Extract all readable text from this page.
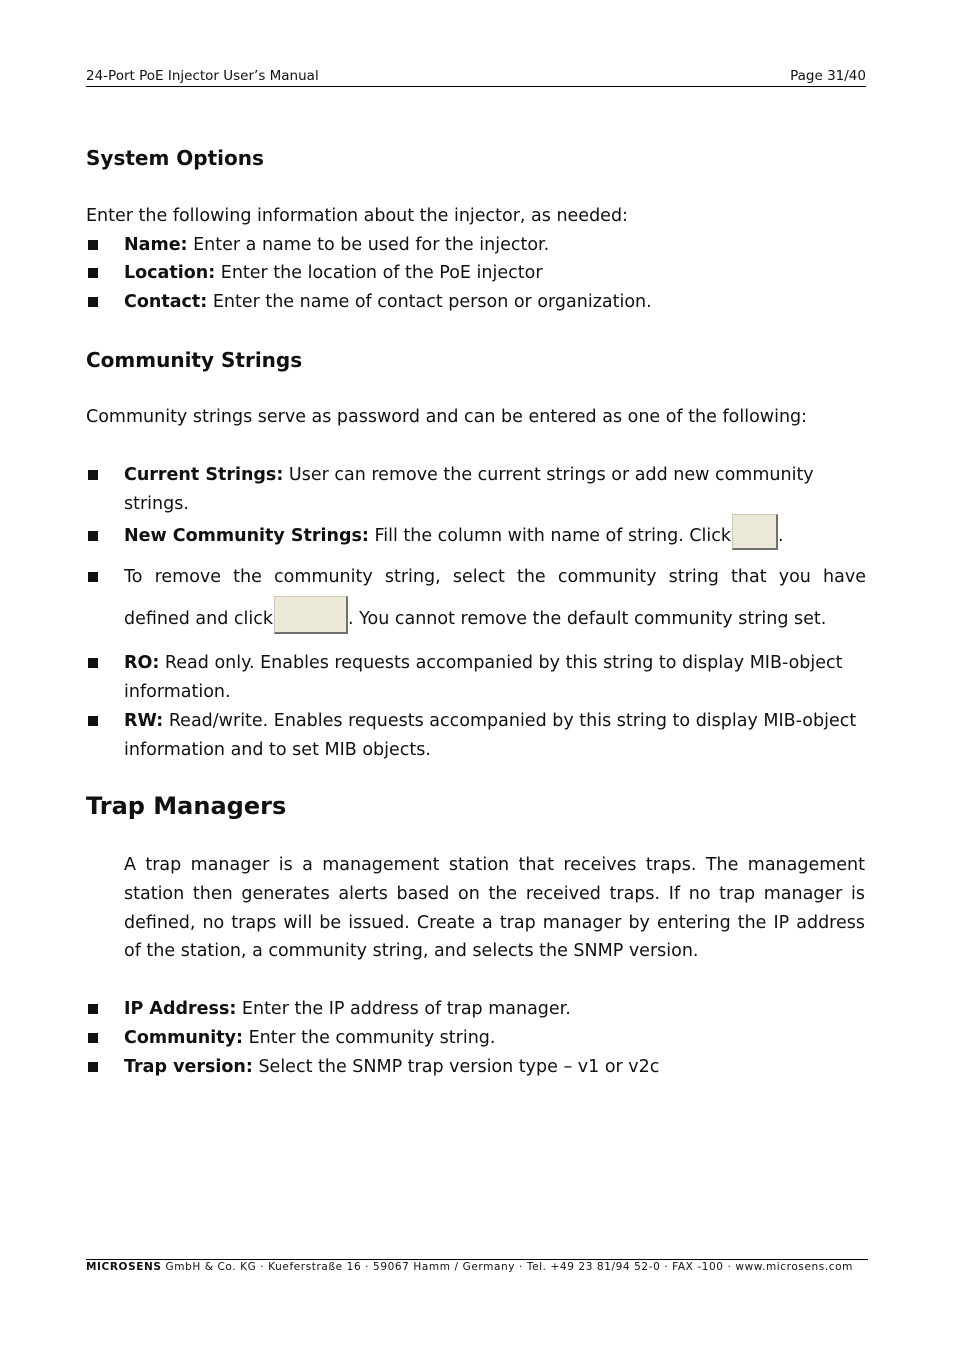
24-Port PoE Injector User’s Manual	Page 31/40
System Options
Enter the following information about the injector, as needed:
Name: Enter a name to be used for the injector.
Location: Enter the location of the PoE injector
Contact: Enter the name of contact person or organization.
Community Strings
Community strings serve as password and can be entered as one of the following:
Current Strings: User can remove the current strings or add new community strings.
New Community Strings: Fill the column with name of string. Click	.
To remove the community string, select the community string that you have
defined and click	. You cannot remove the default community string set.
RO: Read only. Enables requests accompanied by this string to display MIB-object information.
RW: Read/write. Enables requests accompanied by this string to display MIB-object information and to set MIB objects.
Trap Managers
A trap manager is a management station that receives traps. The management station then generates alerts based on the received traps. If no trap manager is defined, no traps will be issued. Create a trap manager by entering the IP address of the station, a community string, and selects the SNMP version.
IP Address: Enter the IP address of trap manager.
Community: Enter the community string.
Trap version: Select the SNMP trap version type – v1 or v2c
MICROSENS GmbH & Co. KG · Kueferstraße 16 · 59067 Hamm / Germany · Tel. +49 23 81/94 52-0 · FAX -100 · www.microsens.com
